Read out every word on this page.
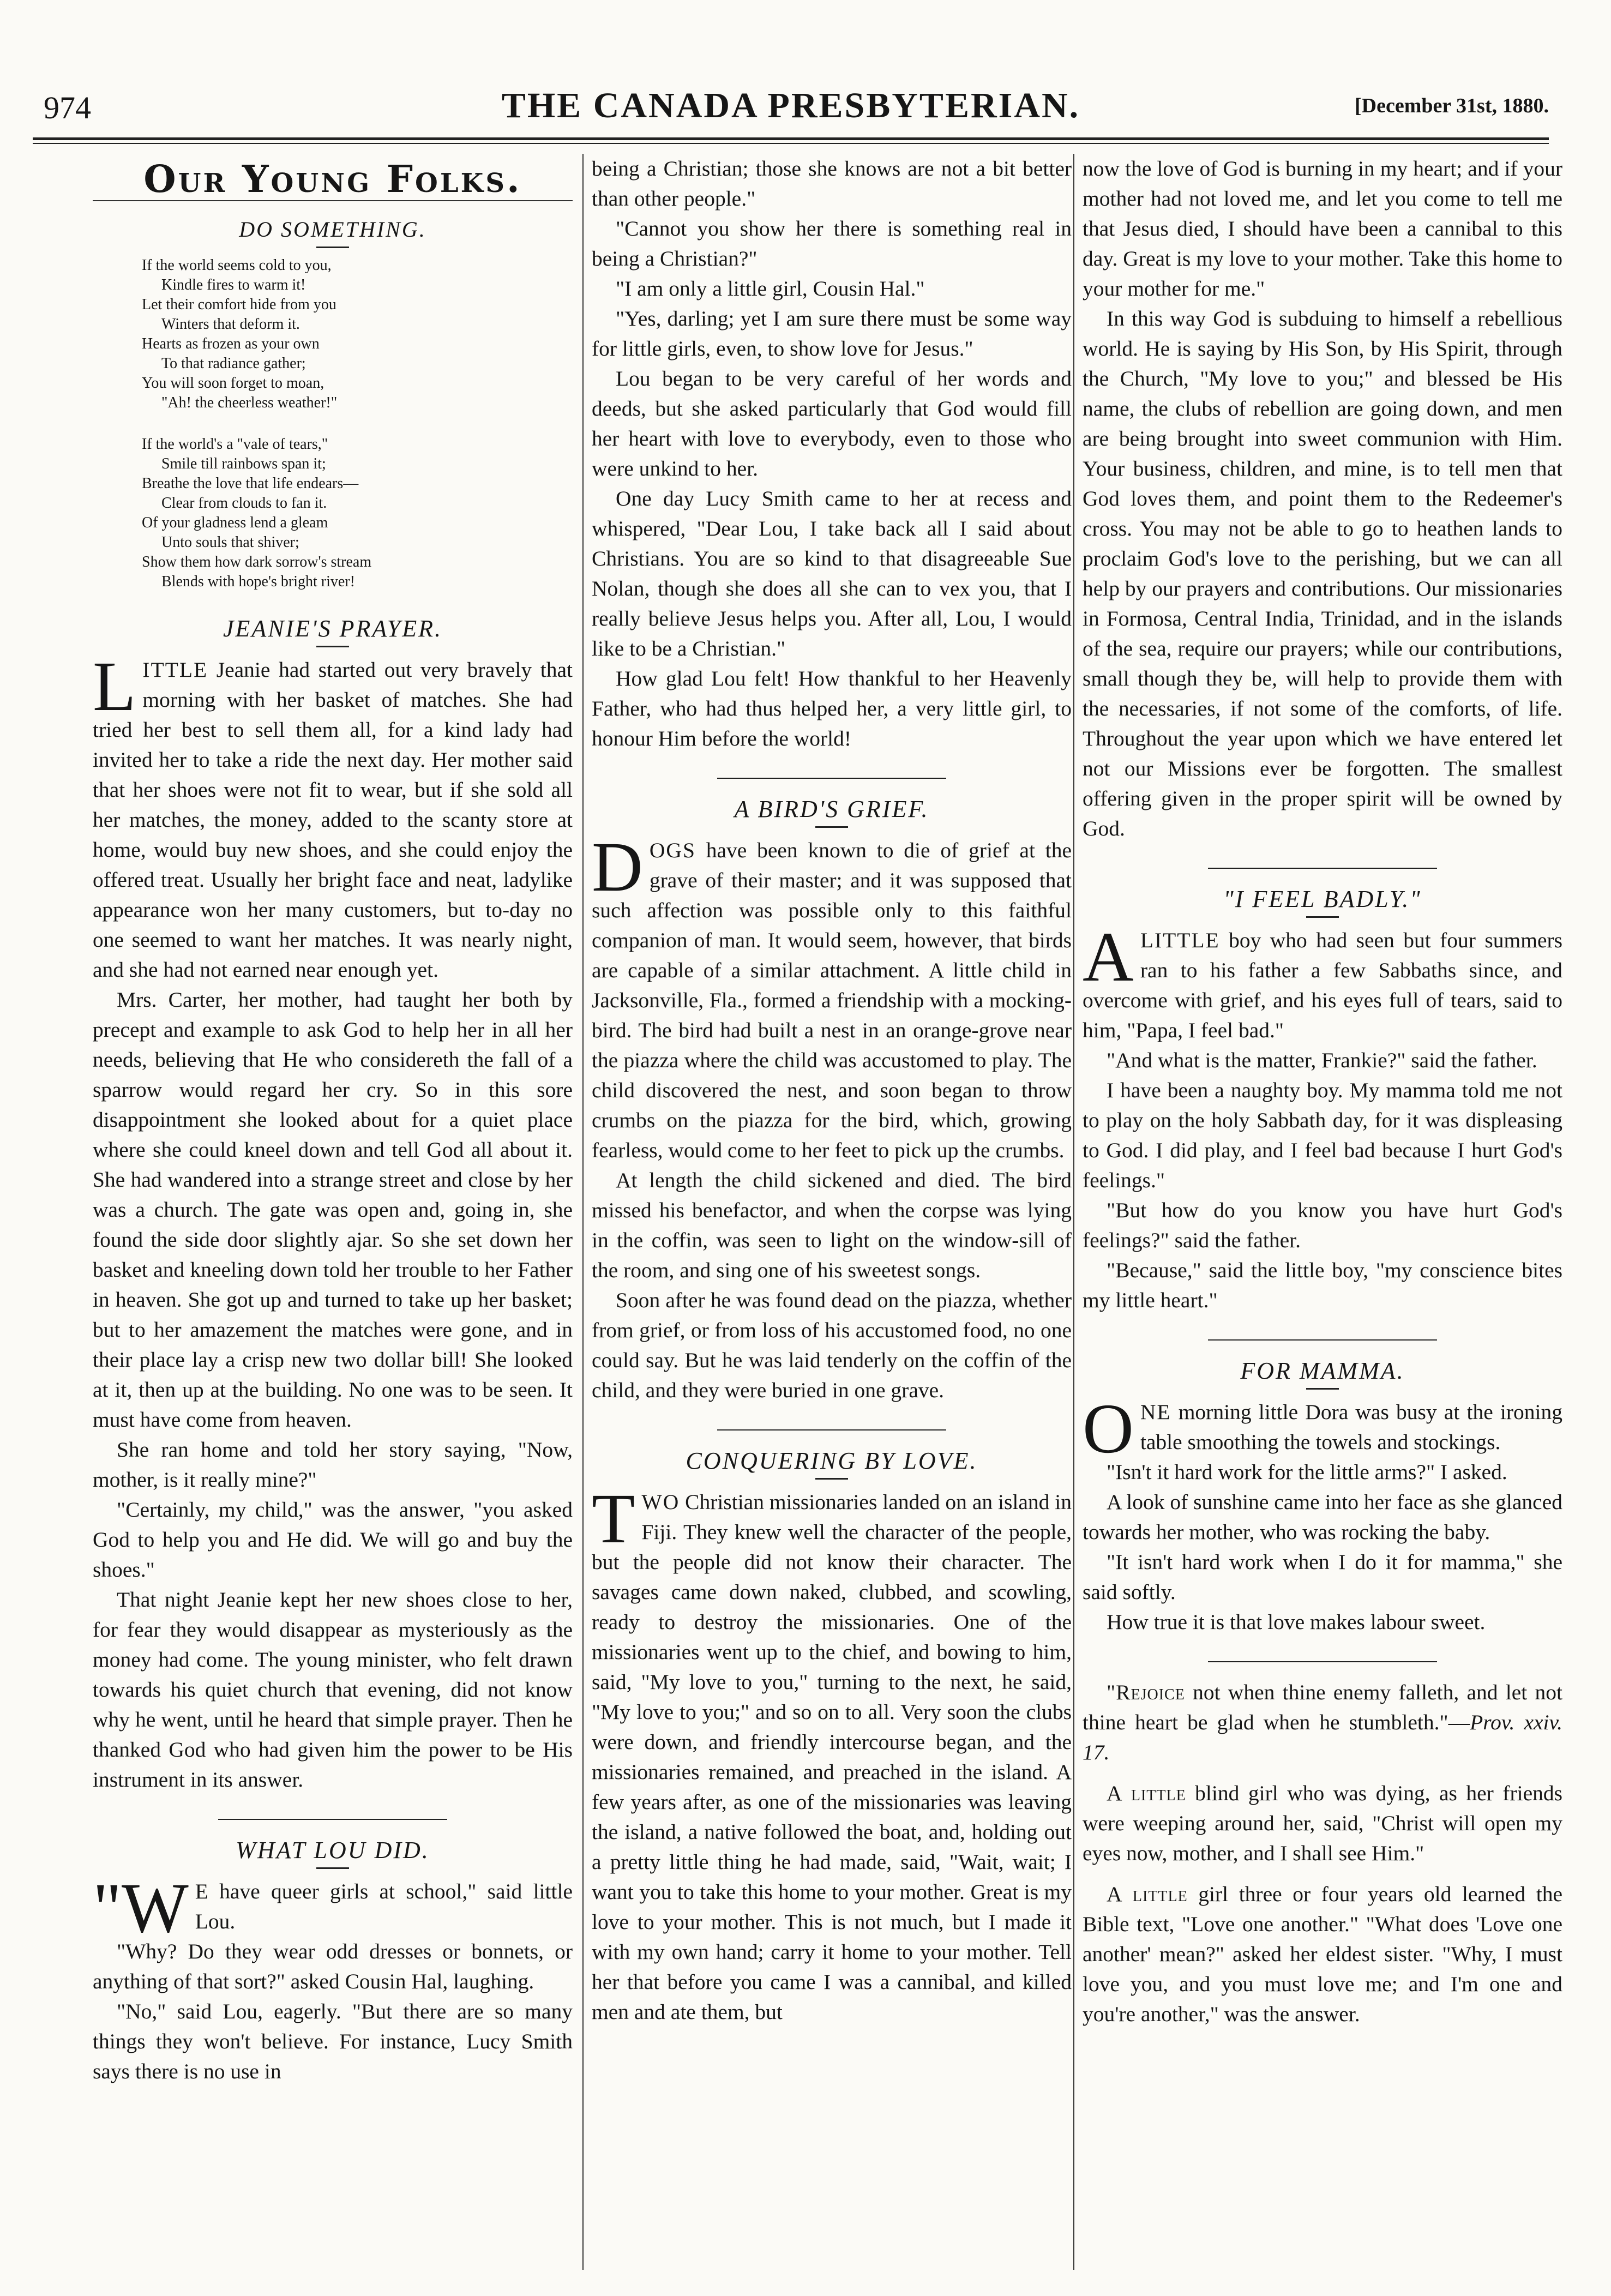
974	THE CANADA PRESBYTERIAN.	[December 31st, 1880.
Our Young Folks.
DO SOMETHING.
If the world seems cold to you,
Kindle fires to warm it!
Let their comfort hide from you
Winters that deform it.
Hearts as frozen as your own
To that radiance gather;
You will soon forget to moan,
"Ah! the cheerless weather!"
If the world's a "vale of tears,"
Smile till rainbows span it;
Breathe the love that life endears—
Clear from clouds to fan it.
Of your gladness lend a gleam
Unto souls that shiver;
Show them how dark sorrow's stream
Blends with hope's bright river!
JEANIE'S PRAYER.

LITTLE Jeanie had started out very bravely that morning with her basket of matches. She had tried her best to sell them all, for a kind lady had invited her to take a ride the next day. Her mother said that her shoes were not fit to wear, but if she sold all her matches, the money, added to the scanty store at home, would buy new shoes, and she could enjoy the offered treat. Usually her bright face and neat, ladylike appearance won her many customers, but to-day no one seemed to want her matches. It was nearly night, and she had not earned near enough yet.

Mrs. Carter, her mother, had taught her both by precept and example to ask God to help her in all her needs, believing that He who considereth the fall of a sparrow would regard her cry. So in this sore disappointment she looked about for a quiet place where she could kneel down and tell God all about it. She had wandered into a strange street and close by her was a church. The gate was open and, going in, she found the side door slightly ajar. So she set down her basket and kneeling down told her trouble to her Father in heaven. She got up and turned to take up her basket; but to her amazement the matches were gone, and in their place lay a crisp new two dollar bill! She looked at it, then up at the building. No one was to be seen. It must have come from heaven.

She ran home and told her story saying, "Now, mother, is it really mine?"

"Certainly, my child," was the answer, "you asked God to help you and He did. We will go and buy the shoes."

That night Jeanie kept her new shoes close to her, for fear they would disappear as mysteriously as the money had come. The young minister, who felt drawn towards his quiet church that evening, did not know why he went, until he heard that simple prayer. Then he thanked God who had given him the power to be His instrument in its answer.

WHAT LOU DID.

"W E have queer girls at school," said little Lou.

"Why? Do they wear odd dresses or bonnets, or anything of that sort?" asked Cousin Hal, laughing.

"No," said Lou, eagerly. "But there are so many things they won't believe. For instance, Lucy Smith says there is no use in

being a Christian; those she knows are not a bit better than other people."

"Cannot you show her there is something real in being a Christian?"

"I am only a little girl, Cousin Hal."

"Yes, darling; yet I am sure there must be some way for little girls, even, to show love for Jesus."

Lou began to be very careful of her words and deeds, but she asked particularly that God would fill her heart with love to everybody, even to those who were unkind to her.

One day Lucy Smith came to her at recess and whispered, "Dear Lou, I take back all I said about Christians. You are so kind to that disagreeable Sue Nolan, though she does all she can to vex you, that I really believe Jesus helps you. After all, Lou, I would like to be a Christian."

How glad Lou felt! How thankful to her Heavenly Father, who had thus helped her, a very little girl, to honour Him before the world!

A BIRD'S GRIEF.

DOGS have been known to die of grief at the grave of their master; and it was supposed that such affection was possible only to this faithful companion of man. It would seem, however, that birds are capable of a similar attachment. A little child in Jacksonville, Fla., formed a friendship with a mocking-bird. The bird had built a nest in an orange-grove near the piazza where the child was accustomed to play. The child discovered the nest, and soon began to throw crumbs on the piazza for the bird, which, growing fearless, would come to her feet to pick up the crumbs.

At length the child sickened and died. The bird missed his benefactor, and when the corpse was lying in the coffin, was seen to light on the window-sill of the room, and sing one of his sweetest songs.

Soon after he was found dead on the piazza, whether from grief, or from loss of his accustomed food, no one could say. But he was laid tenderly on the coffin of the child, and they were buried in one grave.

CONQUERING BY LOVE.

TWO Christian missionaries landed on an island in Fiji. They knew well the character of the people, but the people did not know their character. The savages came down naked, clubbed, and scowling, ready to destroy the missionaries. One of the missionaries went up to the chief, and bowing to him, said, "My love to you," turning to the next, he said, "My love to you;" and so on to all. Very soon the clubs were down, and friendly intercourse began, and the missionaries remained, and preached in the island. A few years after, as one of the missionaries was leaving the island, a native followed the boat, and, holding out a pretty little thing he had made, said, "Wait, wait; I want you to take this home to your mother. Great is my love to your mother. This is not much, but I made it with my own hand; carry it home to your mother. Tell her that before you came I was a cannibal, and killed men and ate them, but

now the love of God is burning in my heart; and if your mother had not loved me, and let you come to tell me that Jesus died, I should have been a cannibal to this day. Great is my love to your mother. Take this home to your mother for me."

In this way God is subduing to himself a rebellious world. He is saying by His Son, by His Spirit, through the Church, "My love to you;" and blessed be His name, the clubs of rebellion are going down, and men are being brought into sweet communion with Him. Your business, children, and mine, is to tell men that God loves them, and point them to the Redeemer's cross. You may not be able to go to heathen lands to proclaim God's love to the perishing, but we can all help by our prayers and contributions. Our missionaries in Formosa, Central India, Trinidad, and in the islands of the sea, require our prayers; while our contributions, small though they be, will help to provide them with the necessaries, if not some of the comforts, of life. Throughout the year upon which we have entered let not our Missions ever be forgotten. The smallest offering given in the proper spirit will be owned by God.

"I FEEL BADLY."

A LITTLE boy who had seen but four summers ran to his father a few Sabbaths since, and overcome with grief, and his eyes full of tears, said to him, "Papa, I feel bad."

"And what is the matter, Frankie?" said the father.

I have been a naughty boy. My mamma told me not to play on the holy Sabbath day, for it was displeasing to God. I did play, and I feel bad because I hurt God's feelings."

"But how do you know you have hurt God's feelings?" said the father.

"Because," said the little boy, "my conscience bites my little heart."

FOR MAMMA.

ONE morning little Dora was busy at the ironing table smoothing the towels and stockings.

"Isn't it hard work for the little arms?" I asked.

A look of sunshine came into her face as she glanced towards her mother, who was rocking the baby.

"It isn't hard work when I do it for mamma," she said softly.

How true it is that love makes labour sweet.

"Rejoice not when thine enemy falleth, and let not thine heart be glad when he stumbleth."—Prov. xxiv. 17.

A little blind girl who was dying, as her friends were weeping around her, said, "Christ will open my eyes now, mother, and I shall see Him."

A little girl three or four years old learned the Bible text, "Love one another." "What does 'Love one another' mean?" asked her eldest sister. "Why, I must love you, and you must love me; and I'm one and you're another," was the answer.
